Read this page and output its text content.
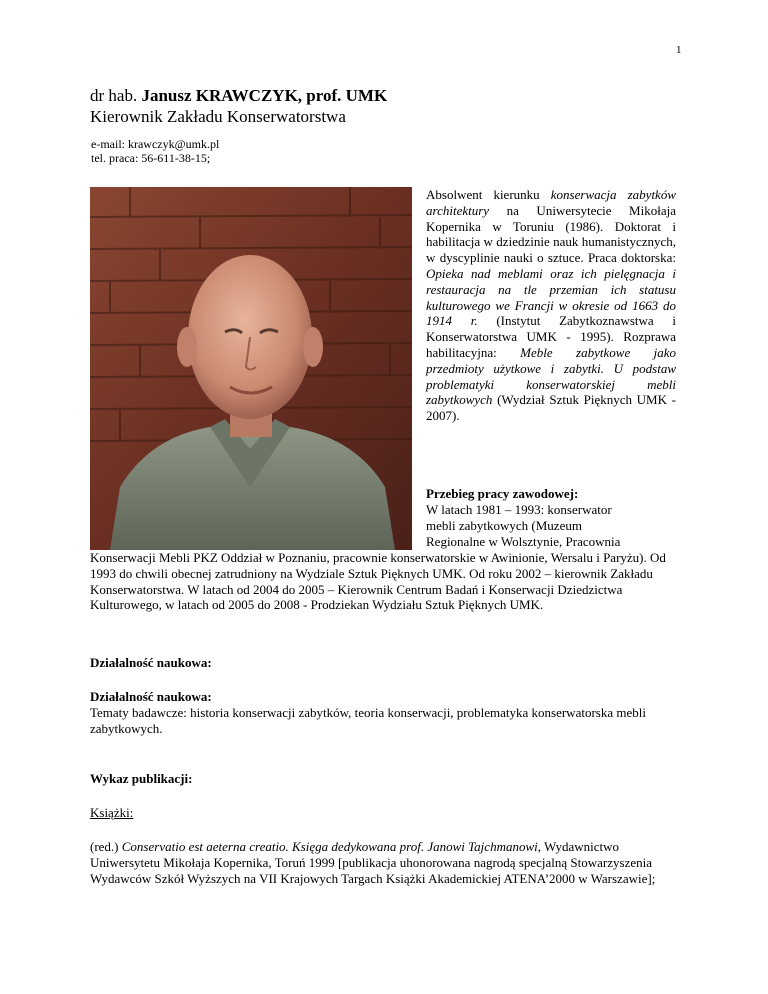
1
dr hab. Janusz KRAWCZYK, prof. UMK
Kierownik Zakładu Konserwatorstwa
e-mail: krawczyk@umk.pl
tel. praca: 56-611-38-15;
Absolwent kierunku konserwacja zabytków architektury na Uniwersytecie Mikołaja Kopernika w Toruniu (1986). Doktorat i habilitacja w dziedzinie nauk humanistycznych, w dyscyplinie nauki o sztuce. Praca doktorska: Opieka nad meblami oraz ich pielęgnacja i restauracja na tle przemian ich statusu kulturowego we Francji w okresie od 1663 do 1914 r. (Instytut Zabytkoznawstwa i Konserwatorstwa UMK - 1995). Rozprawa habilitacyjna: Meble zabytkowe jako przedmioty użytkowe i zabytki. U podstaw problematyki konserwatorskiej mebli zabytkowych (Wydział Sztuk Pięknych UMK - 2007).
Przebieg pracy zawodowej:
W latach 1981 – 1993: konserwator
mebli zabytkowych (Muzeum
Regionalne w Wolsztynie, Pracownia
Konserwacji Mebli PKZ Oddział w Poznaniu, pracownie konserwatorskie w Awinionie, Wersalu i Paryżu). Od 1993 do chwili obecnej zatrudniony na Wydziale Sztuk Pięknych UMK. Od roku 2002 – kierownik Zakładu Konserwatorstwa. W latach od 2004 do 2005 – Kierownik Centrum Badań i Konserwacji Dziedzictwa Kulturowego, w latach od 2005 do 2008 - Prodziekan Wydziału Sztuk Pięknych UMK.
Działalność naukowa:
Działalność naukowa:
Tematy badawcze: historia konserwacji zabytków, teoria konserwacji, problematyka konserwatorska mebli zabytkowych.
Wykaz publikacji:
Książki:
(red.) Conservatio est aeterna creatio. Księga dedykowana prof. Janowi Tajchmanowi, Wydawnictwo Uniwersytetu Mikołaja Kopernika, Toruń 1999 [publikacja uhonorowana nagrodą specjalną Stowarzyszenia Wydawców Szkół Wyższych na VII Krajowych Targach Książki Akademickiej ATENA’2000 w Warszawie];
